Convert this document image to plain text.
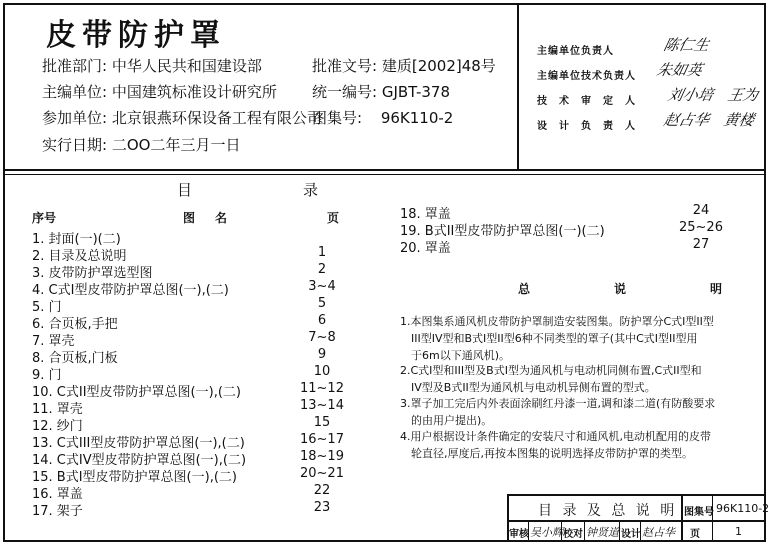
皮带防护罩
批准部门: 中华人民共和国建设部
主编单位: 中国建筑标准设计研究所
参加单位: 北京银燕环保设备工程有限公司
实行日期: 二OO二年三月一日
批准文号: 建质[2002]48号
统一编号: GJBT-378
图集号: 96K110-2
主编单位负责人	陈仁生
主编单位技术负责人	朱如英
技　术　审　定　人	刘小培　王为
设　计　负　责　人	赵占华　黄楼
目　录
序号	图　名	页
1. 封面(一)(二)
2. 目录及总说明	1
3. 皮带防护罩选型图	2
4. C式I型皮带防护罩总图(一),(二)	3~4
5. 门	5
6. 合页板,手把	6
7. 罩壳	7~8
8. 合页板,门板	9
9. 门	10
10. C式II型皮带防护罩总图(一),(二)	11~12
11. 罩壳	13~14
12. 纱门	15
13. C式III型皮带防护罩总图(一),(二)	16~17
14. C式IV型皮带防护罩总图(一),(二)	18~19
15. B式I型皮带防护罩总图(一),(二)	20~21
16. 罩盖	22
17. 架子	23
18. 罩盖	24
19. B式II型皮带防护罩总图(一)(二)	25~26
20. 罩盖	27
总　说　明
1.本图集系通风机皮带防护罩制造安装图集。防护罩分C式I型II型
　III型IV型和B式I型II型6种不同类型的罩子(其中C式I型II型用
　于6m以下通风机)。
2.C式I型和III型及B式I型为通风机与电动机同侧布置,C式II型和
　IV型及B式II型为通风机与电动机异侧布置的型式。
3.罩子加工完后内外表面涂刷红丹漆一道,调和漆二道(有防酸要求
　的由用户提出)。
4.用户根据设计条件确定的安装尺寸和通风机,电动机配用的皮带
　轮直径,厚度后,再按本图集的说明选择皮带防护罩的类型。
目 录 及 总 说 明 图集号 96K110-2
审核 吴小辉 校对 钟贤道 设计 赵占华 页	1
